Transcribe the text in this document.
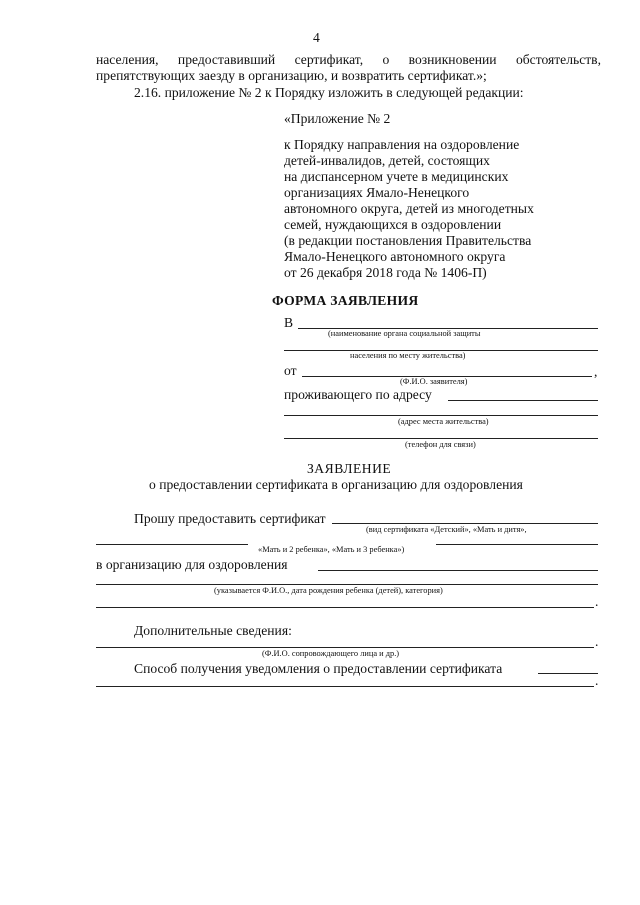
4
населения, предоставивший сертификат, о возникновении обстоятельств,
препятствующих заезду в организацию, и возвратить сертификат.»;
2.16. приложение № 2 к Порядку изложить в следующей редакции:
«Приложение № 2
к Порядку направления на оздоровление
детей-инвалидов, детей, состоящих
на диспансерном учете в медицинских
организациях Ямало-Ненецкого
автономного округа, детей из многодетных
семей, нуждающихся в оздоровлении
(в редакции постановления Правительства
Ямало-Ненецкого автономного округа
от 26 декабря 2018 года № 1406-П)
ФОРМА ЗАЯВЛЕНИЯ
В
(наименование органа социальной защиты
населения по месту жительства)
от	,
(Ф.И.О. заявителя)
проживающего по адресу
(адрес места жительства)
(телефон для связи)
ЗАЯВЛЕНИЕ
о предоставлении сертификата в организацию для оздоровления
Прошу предоставить сертификат
(вид сертификата «Детский», «Мать и дитя»,
«Мать и 2 ребенка», «Мать и 3 ребенка»)
в организацию для оздоровления
(указывается Ф.И.О., дата рождения ребенка (детей), категория)
.
Дополнительные сведения:
.
(Ф.И.О. сопровождающего лица и др.)
Способ получения уведомления о предоставлении сертификата
.
